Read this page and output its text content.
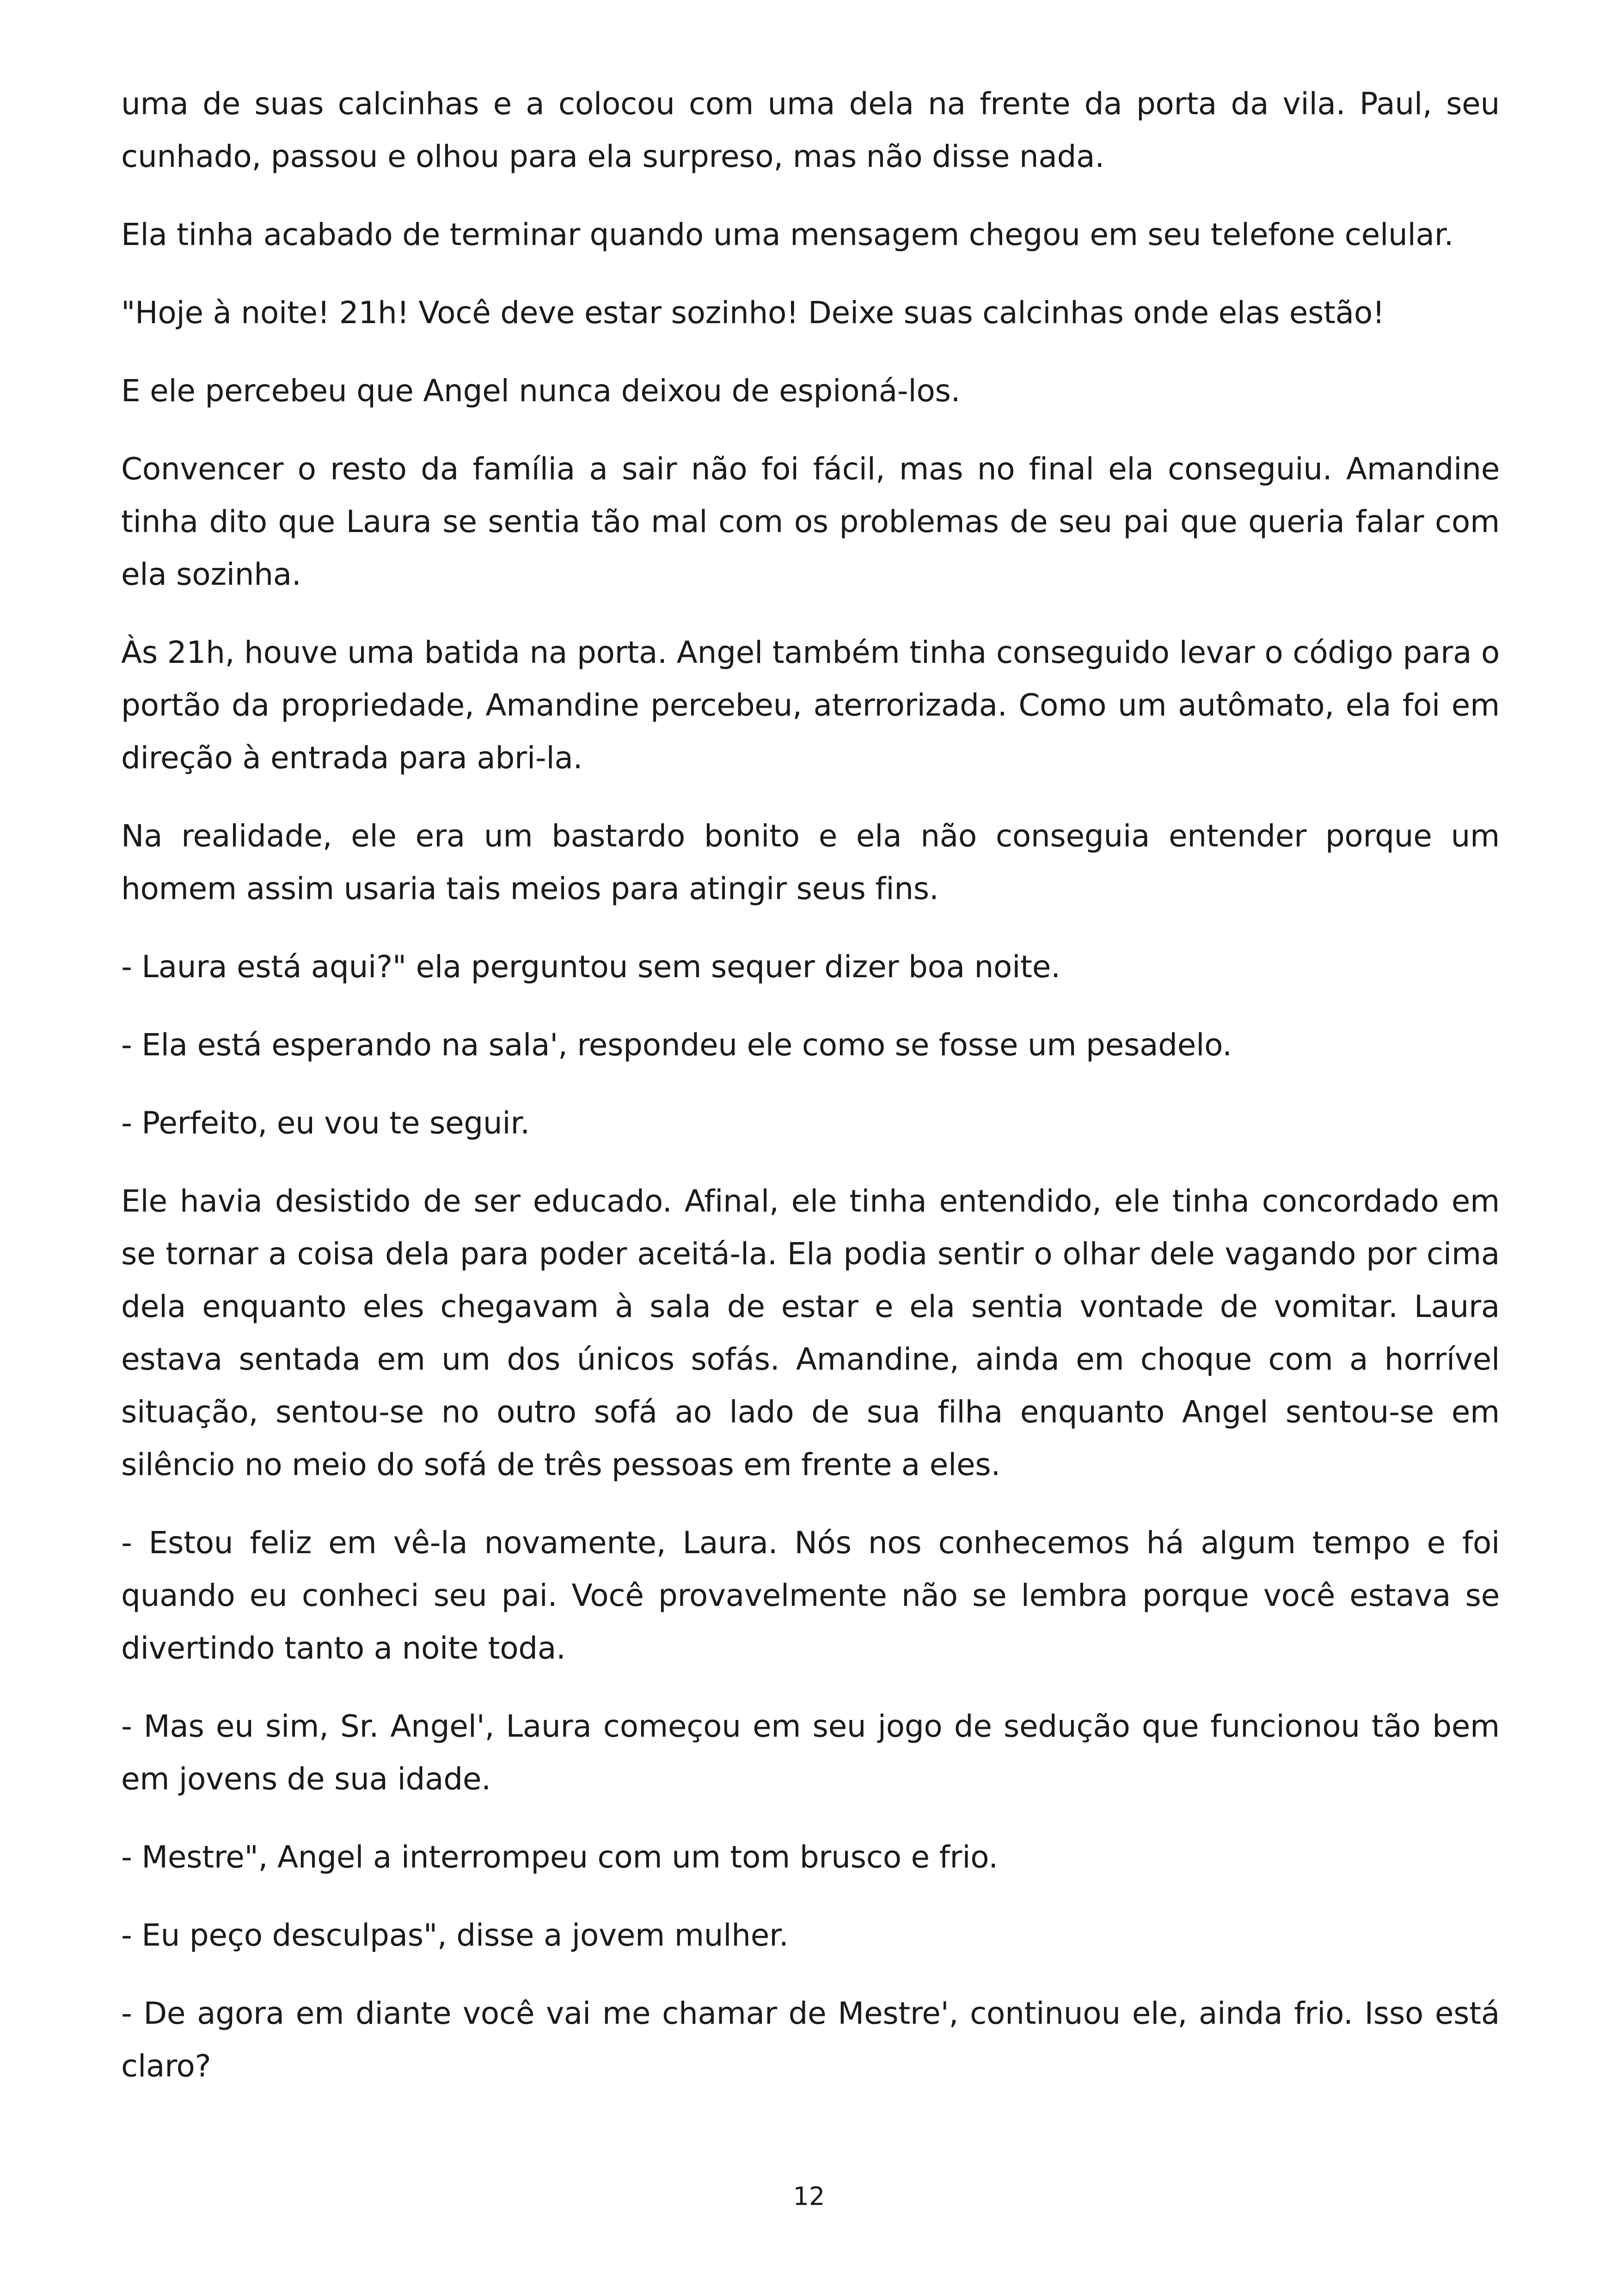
uma de suas calcinhas e a colocou com uma dela na frente da porta da vila. Paul, seu cunhado, passou e olhou para ela surpreso, mas não disse nada.

Ela tinha acabado de terminar quando uma mensagem chegou em seu telefone celular.

"Hoje à noite! 21h! Você deve estar sozinho! Deixe suas calcinhas onde elas estão!

E ele percebeu que Angel nunca deixou de espioná-los.

Convencer o resto da família a sair não foi fácil, mas no final ela conseguiu. Amandine tinha dito que Laura se sentia tão mal com os problemas de seu pai que queria falar com ela sozinha.

Às 21h, houve uma batida na porta. Angel também tinha conseguido levar o código para o portão da propriedade, Amandine percebeu, aterrorizada. Como um autômato, ela foi em direção à entrada para abri-la.

Na realidade, ele era um bastardo bonito e ela não conseguia entender porque um homem assim usaria tais meios para atingir seus fins.

- Laura está aqui?" ela perguntou sem sequer dizer boa noite.

- Ela está esperando na sala', respondeu ele como se fosse um pesadelo.

- Perfeito, eu vou te seguir.

Ele havia desistido de ser educado. Afinal, ele tinha entendido, ele tinha concordado em se tornar a coisa dela para poder aceitá-la. Ela podia sentir o olhar dele vagando por cima dela enquanto eles chegavam à sala de estar e ela sentia vontade de vomitar. Laura estava sentada em um dos únicos sofás. Amandine, ainda em choque com a horrível situação, sentou-se no outro sofá ao lado de sua filha enquanto Angel sentou-se em silêncio no meio do sofá de três pessoas em frente a eles.

- Estou feliz em vê-la novamente, Laura. Nós nos conhecemos há algum tempo e foi quando eu conheci seu pai. Você provavelmente não se lembra porque você estava se divertindo tanto a noite toda.

- Mas eu sim, Sr. Angel', Laura começou em seu jogo de sedução que funcionou tão bem em jovens de sua idade.

- Mestre", Angel a interrompeu com um tom brusco e frio.

- Eu peço desculpas", disse a jovem mulher.

- De agora em diante você vai me chamar de Mestre', continuou ele, ainda frio. Isso está claro?

12
